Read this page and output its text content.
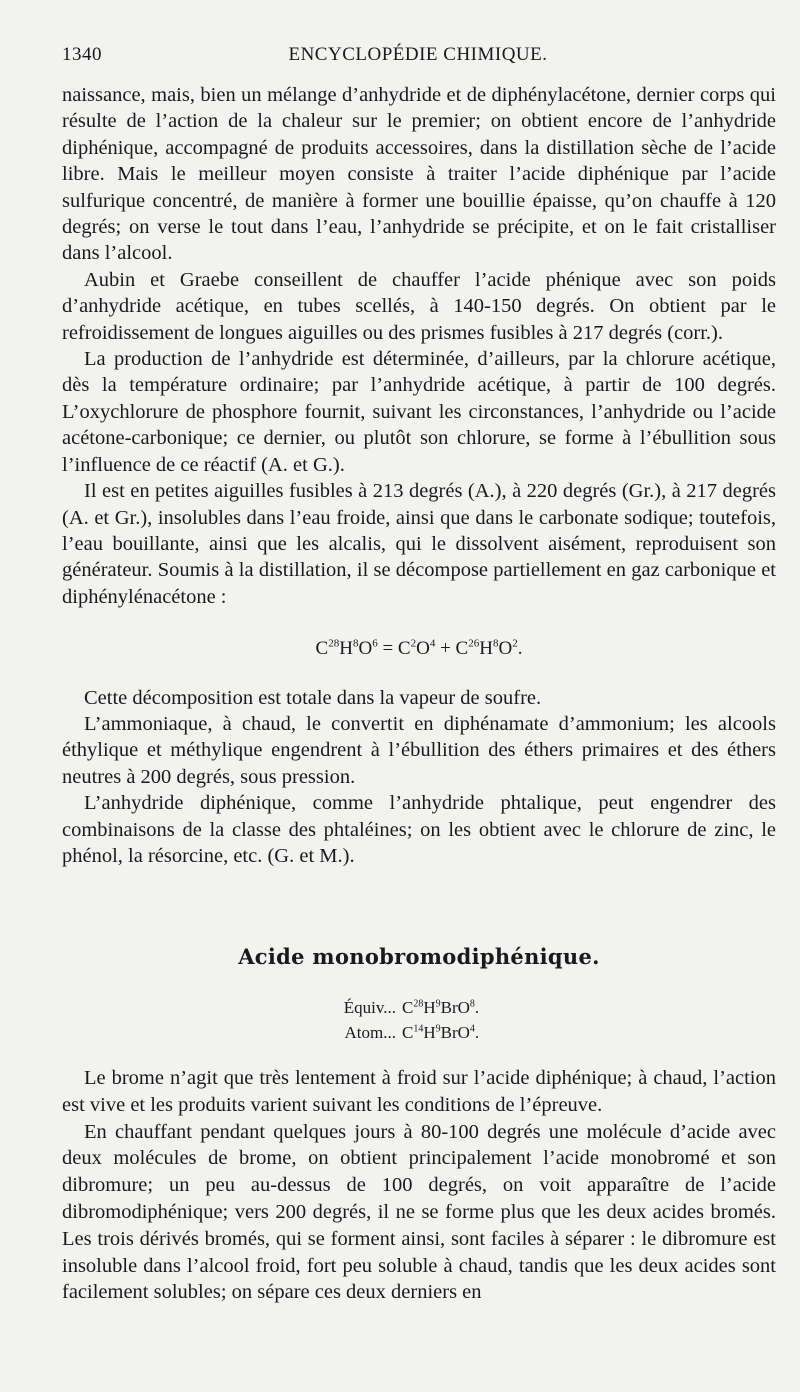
1340	ENCYCLOPÉDIE CHIMIQUE.

naissance, mais, bien un mélange d’anhydride et de diphénylacétone, dernier corps qui résulte de l’action de la chaleur sur le premier; on obtient encore de l’anhydride diphénique, accompagné de produits accessoires, dans la distillation sèche de l’acide libre. Mais le meilleur moyen consiste à traiter l’acide diphénique par l’acide sulfurique concentré, de manière à former une bouillie épaisse, qu’on chauffe à 120 degrés; on verse le tout dans l’eau, l’anhydride se précipite, et on le fait cristalliser dans l’alcool.

Aubin et Graebe conseillent de chauffer l’acide phénique avec son poids d’anhydride acétique, en tubes scellés, à 140-150 degrés. On obtient par le refroidissement de longues aiguilles ou des prismes fusibles à 217 degrés (corr.).

La production de l’anhydride est déterminée, d’ailleurs, par la chlorure acétique, dès la température ordinaire; par l’anhydride acétique, à partir de 100 degrés. L’oxychlorure de phosphore fournit, suivant les circonstances, l’anhydride ou l’acide acétone-carbonique; ce dernier, ou plutôt son chlorure, se forme à l’ébullition sous l’influence de ce réactif (A. et G.).

Il est en petites aiguilles fusibles à 213 degrés (A.), à 220 degrés (Gr.), à 217 degrés (A. et Gr.), insolubles dans l’eau froide, ainsi que dans le carbonate sodique; toutefois, l’eau bouillante, ainsi que les alcalis, qui le dissolvent aisément, reproduisent son générateur. Soumis à la distillation, il se décompose partiellement en gaz carbonique et diphénylénacétone :

$C^{28}H^8O^6 = C^2O^4 + C^{26}H^8O^2$.

Cette décomposition est totale dans la vapeur de soufre.

L’ammoniaque, à chaud, le convertit en diphénamate d’ammonium; les alcools éthylique et méthylique engendrent à l’ébullition des éthers primaires et des éthers neutres à 200 degrés, sous pression.

L’anhydride diphénique, comme l’anhydride phtalique, peut engendrer des combinaisons de la classe des phtaléines; on les obtient avec le chlorure de zinc, le phénol, la résorcine, etc. (G. et M.).

Acide monobromodiphénique.
Équiv... $C^{28}H^9BrO^8$.
Atom... $C^{14}H^9BrO^4$.

Le brome n’agit que très lentement à froid sur l’acide diphénique; à chaud, l’action est vive et les produits varient suivant les conditions de l’épreuve.

En chauffant pendant quelques jours à 80-100 degrés une molécule d’acide avec deux molécules de brome, on obtient principalement l’acide monobromé et son dibromure; un peu au-dessus de 100 degrés, on voit apparaître de l’acide dibromodiphénique; vers 200 degrés, il ne se forme plus que les deux acides bromés. Les trois dérivés bromés, qui se forment ainsi, sont faciles à séparer : le dibromure est insoluble dans l’alcool froid, fort peu soluble à chaud, tandis que les deux acides sont facilement solubles; on sépare ces deux derniers en
